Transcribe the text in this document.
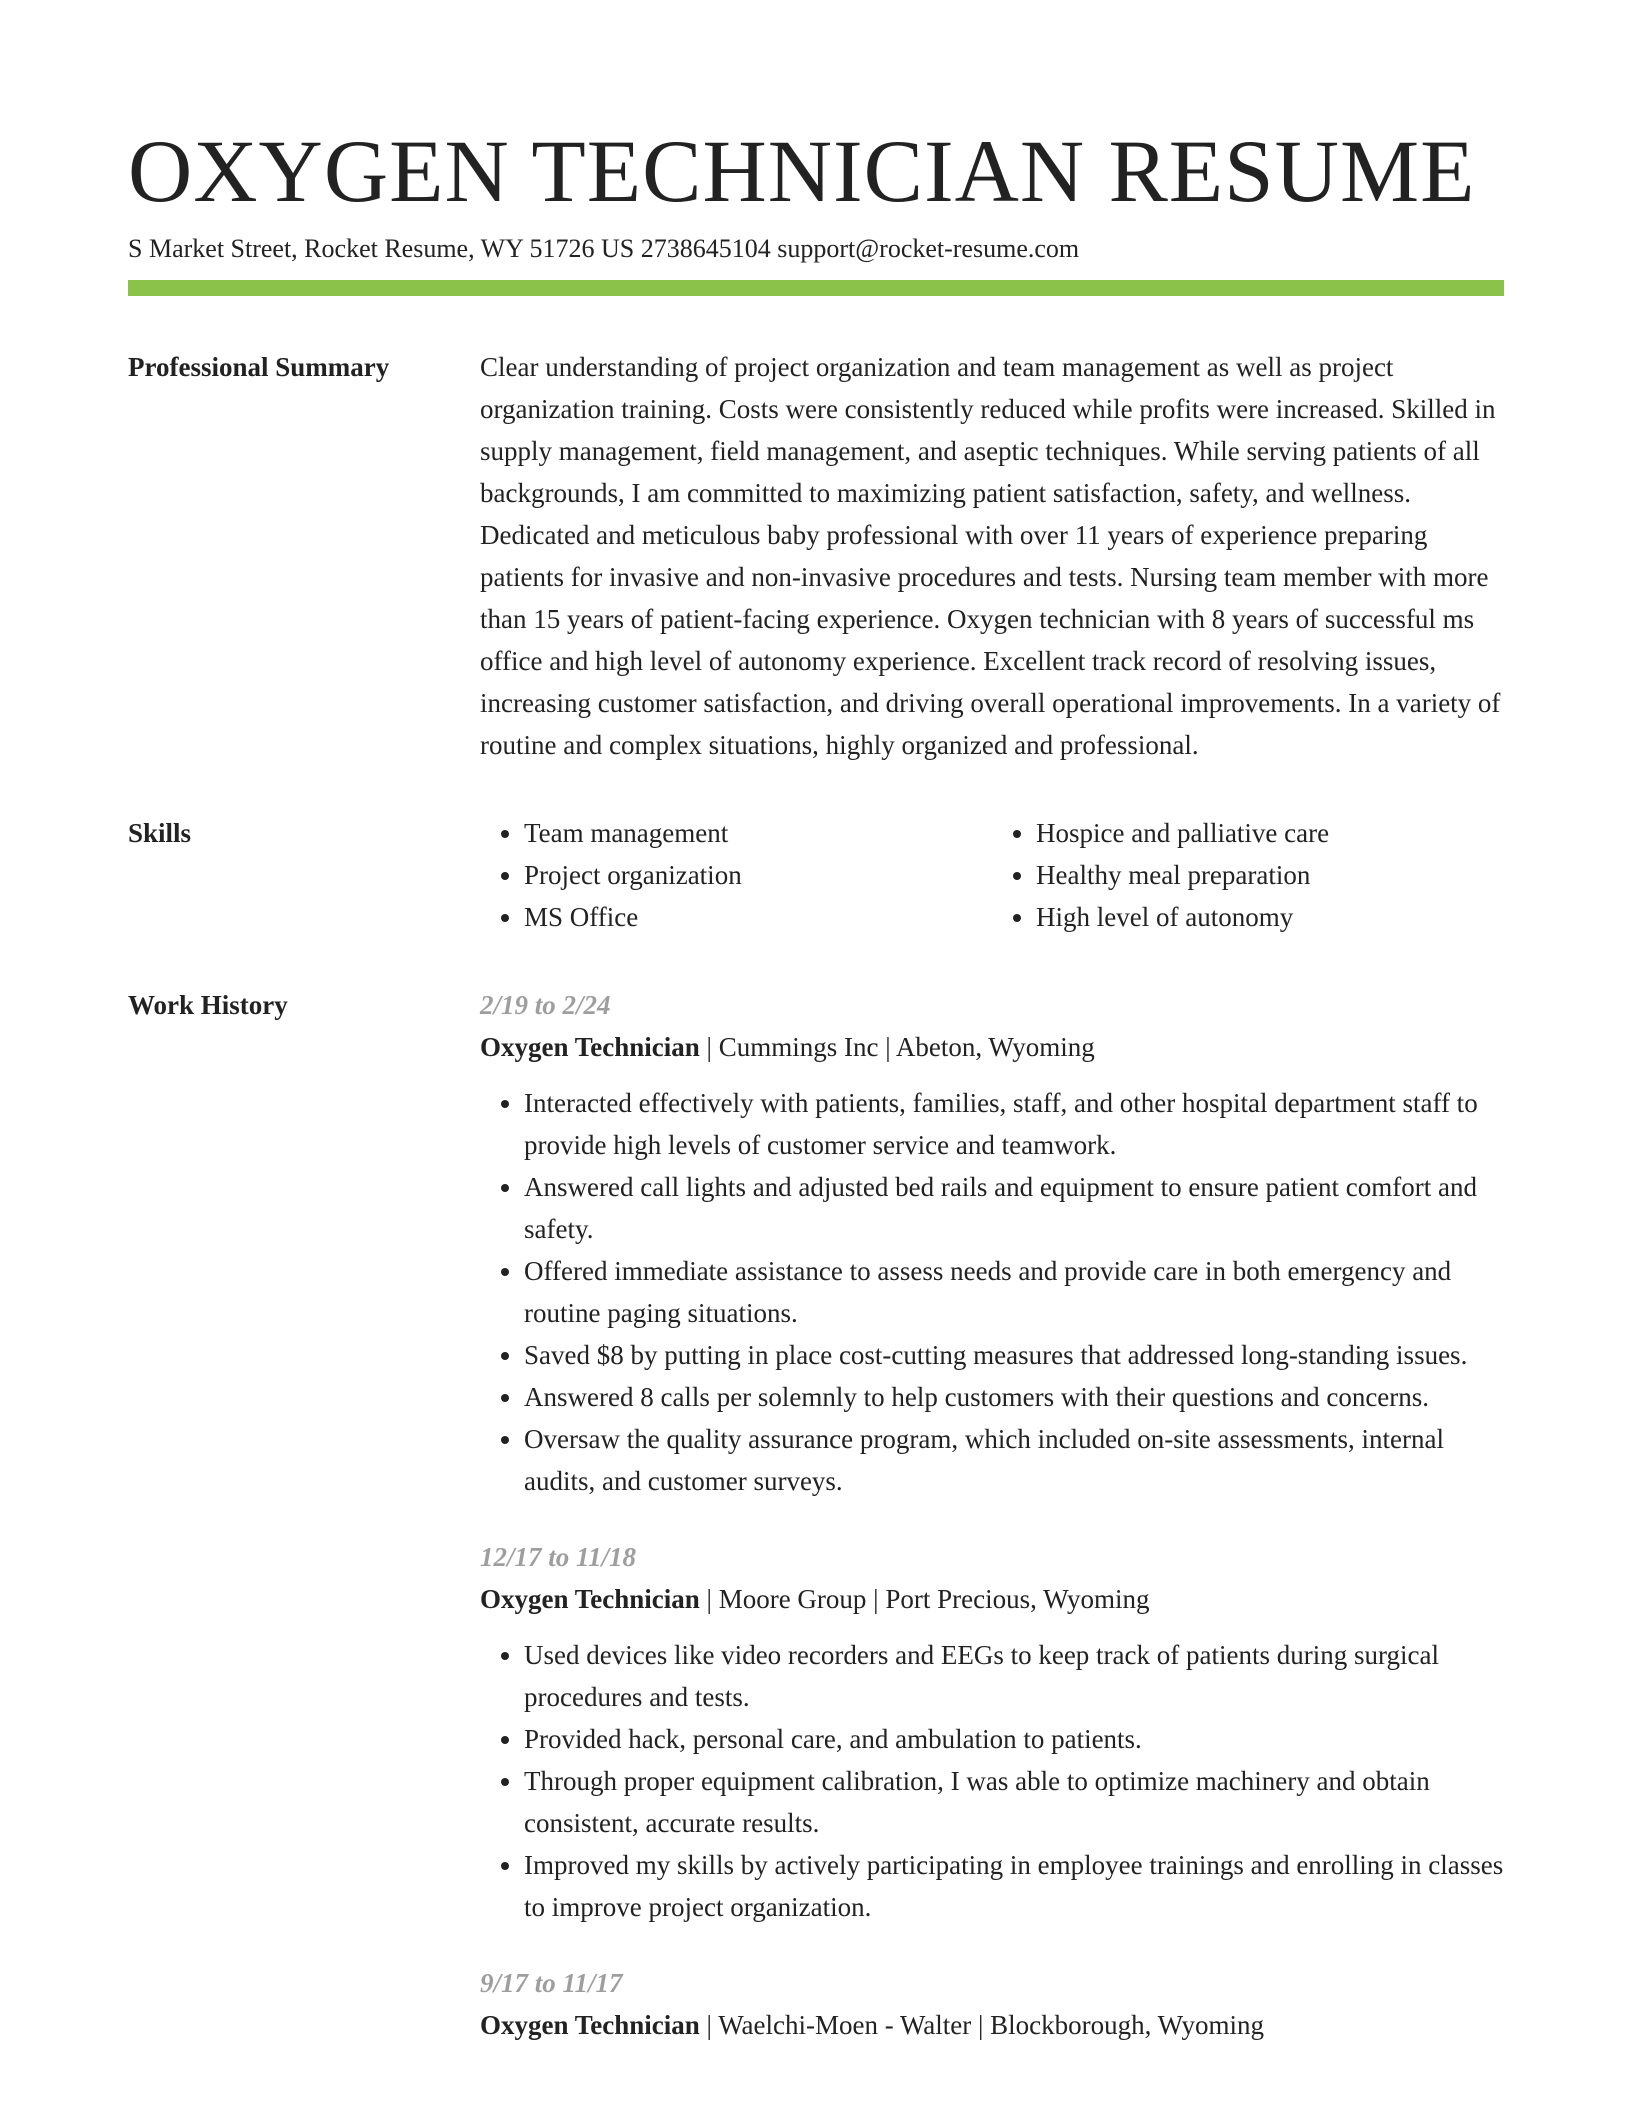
OXYGEN TECHNICIAN RESUME
S Market Street, Rocket Resume, WY 51726 US 2738645104 support@rocket-resume.com
Professional Summary	Clear understanding of project organization and team management as well as project organization training. Costs were consistently reduced while profits were increased. Skilled in supply management, field management, and aseptic techniques. While serving patients of all backgrounds, I am committed to maximizing patient satisfaction, safety, and wellness. Dedicated and meticulous baby professional with over 11 years of experience preparing patients for invasive and non-invasive procedures and tests. Nursing team member with more than 15 years of patient-facing experience. Oxygen technician with 8 years of successful ms office and high level of autonomy experience. Excellent track record of resolving issues, increasing customer satisfaction, and driving overall operational improvements. In a variety of routine and complex situations, highly organized and professional.

Skills
•	Team management
• Project organization
• MS Office
• Hospice and palliative care
• Healthy meal preparation
• High level of autonomy
Work History	2/19 to 2/24
Oxygen Technician | Cummings Inc | Abeton, Wyoming
• Interacted effectively with patients, families, staff, and other hospital department staff to provide high levels of customer service and teamwork.
• Answered call lights and adjusted bed rails and equipment to ensure patient comfort and safety.
• Offered immediate assistance to assess needs and provide care in both emergency and routine paging situations.
• Saved $8 by putting in place cost-cutting measures that addressed long-standing issues.
• Answered 8 calls per solemnly to help customers with their questions and concerns.
• Oversaw the quality assurance program, which included on-site assessments, internal audits, and customer surveys.
12/17 to 11/18
Oxygen Technician | Moore Group | Port Precious, Wyoming
• Used devices like video recorders and EEGs to keep track of patients during surgical procedures and tests.
• Provided hack, personal care, and ambulation to patients.
• Through proper equipment calibration, I was able to optimize machinery and obtain consistent, accurate results.
• Improved my skills by actively participating in employee trainings and enrolling in classes to improve project organization.
9/17 to 11/17
Oxygen Technician | Waelchi-Moen - Walter | Blockborough, Wyoming
